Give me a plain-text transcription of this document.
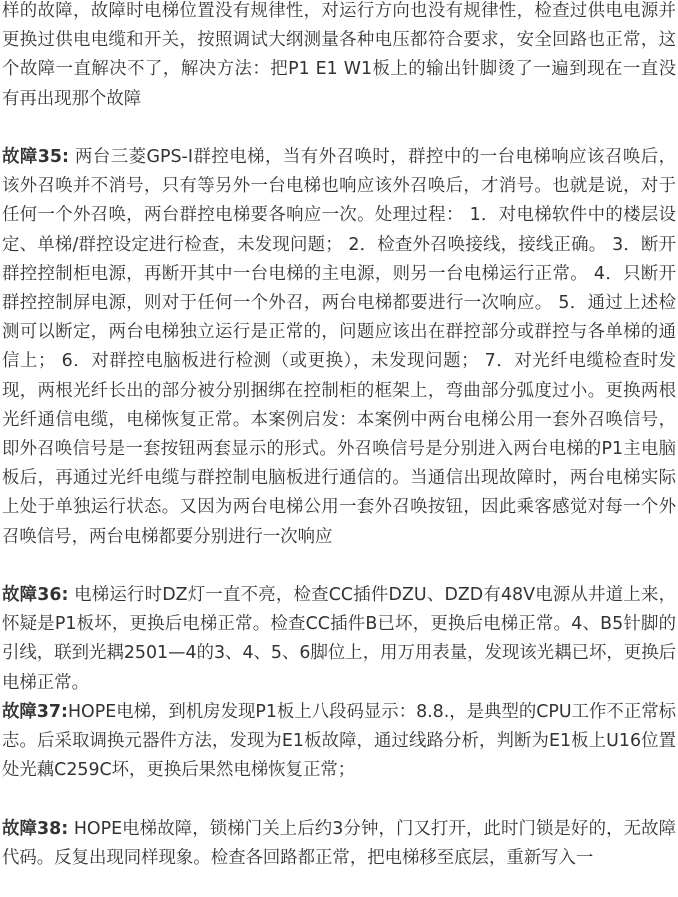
样的故障，故障时电梯位置没有规律性，对运行方向也没有规律性，检查过供电电源并更换过供电电缆和开关，按照调试大纲测量各种电压都符合要求，安全回路也正常，这个故障一直解决不了，解决方法：把P1 E1 W1板上的输出针脚烫了一遍到现在一直没有再出现那个故障

故障35: 两台三菱GPS-I群控电梯，当有外召唤时，群控中的一台电梯响应该召唤后，该外召唤并不消号，只有等另外一台电梯也响应该外召唤后，才消号。也就是说，对于任何一个外召唤，两台群控电梯要各响应一次。处理过程： 1．对电梯软件中的楼层设定、单梯/群控设定进行检查，未发现问题； 2．检查外召唤接线，接线正确。 3．断开群控控制柜电源，再断开其中一台电梯的主电源，则另一台电梯运行正常。 4．只断开群控控制屏电源，则对于任何一个外召，两台电梯都要进行一次响应。 5．通过上述检测可以断定，两台电梯独立运行是正常的，问题应该出在群控部分或群控与各单梯的通信上； 6．对群控电脑板进行检测（或更换），未发现问题； 7．对光纤电缆检查时发现，两根光纤长出的部分被分别捆绑在控制柜的框架上，弯曲部分弧度过小。更换两根光纤通信电缆，电梯恢复正常。本案例启发：本案例中两台电梯公用一套外召唤信号，即外召唤信号是一套按钮两套显示的形式。外召唤信号是分别进入两台电梯的P1主电脑板后，再通过光纤电缆与群控制电脑板进行通信的。当通信出现故障时，两台电梯实际上处于单独运行状态。又因为两台电梯公用一套外召唤按钮，因此乘客感觉对每一个外召唤信号，两台电梯都要分别进行一次响应

故障36: 电梯运行时DZ灯一直不亮，检查CC插件DZU、DZD有48V电源从井道上来，怀疑是P1板坏，更换后电梯正常。检查CC插件B已坏，更换后电梯正常。4、B5针脚的引线，联到光耦2501—4的3、4、5、6脚位上，用万用表量，发现该光耦已坏，更换后电梯正常。

故障37:HOPE电梯，到机房发现P1板上八段码显示：8.8.，是典型的CPU工作不正常标志。后采取调换元器件方法，发现为E1板故障，通过线路分析，判断为E1板上U16位置处光藕C259C坏，更换后果然电梯恢复正常；

故障38: HOPE电梯故障，锁梯门关上后约3分钟，门又打开，此时门锁是好的，无故障代码。反复出现同样现象。检查各回路都正常，把电梯移至底层，重新写入一
